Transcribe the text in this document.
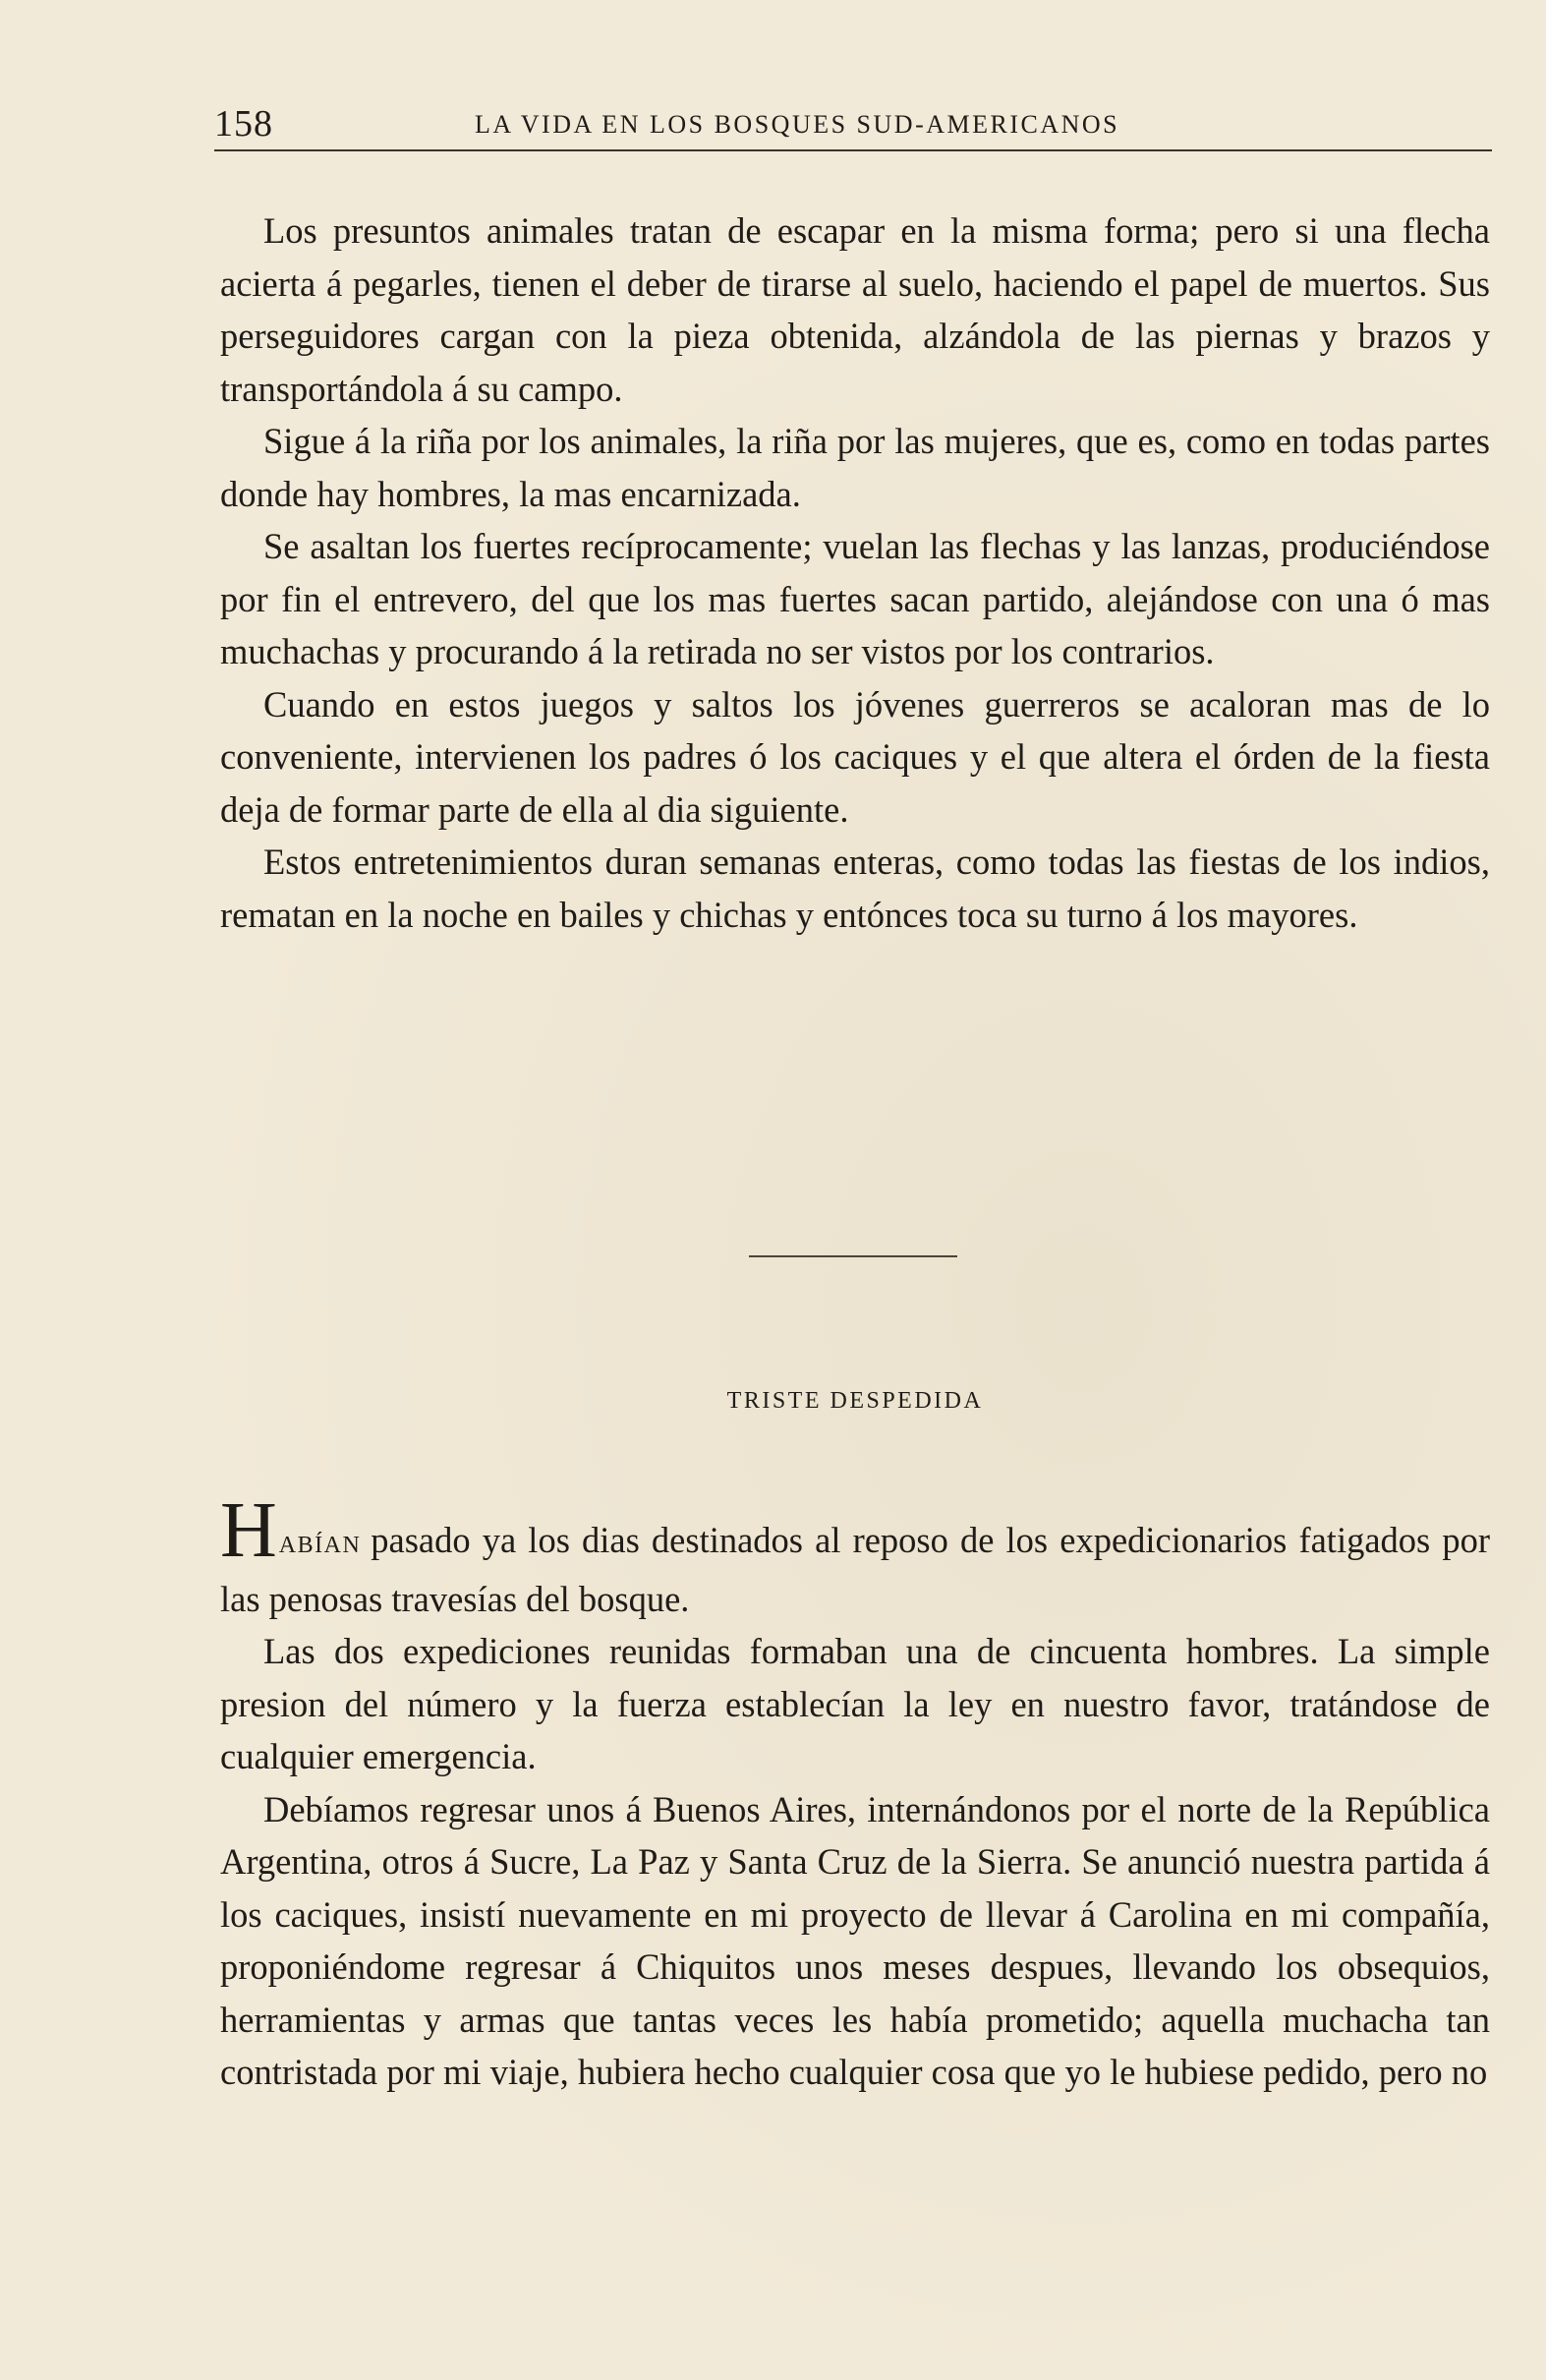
158	LA VIDA EN LOS BOSQUES SUD-AMERICANOS

Los presuntos animales tratan de escapar en la misma forma; pero si una flecha acierta á pegarles, tienen el deber de tirarse al suelo, haciendo el papel de muertos. Sus perseguidores cargan con la pieza obtenida, alzándola de las piernas y brazos y transportándola á su campo.

Sigue á la riña por los animales, la riña por las mujeres, que es, como en todas partes donde hay hombres, la mas encarnizada.

Se asaltan los fuertes recíprocamente; vuelan las flechas y las lanzas, produciéndose por fin el entrevero, del que los mas fuertes sacan partido, alejándose con una ó mas muchachas y procurando á la retirada no ser vistos por los contrarios.

Cuando en estos juegos y saltos los jóvenes guerreros se acaloran mas de lo conveniente, intervienen los padres ó los caciques y el que altera el órden de la fiesta deja de formar parte de ella al dia siguiente.

Estos entretenimientos duran semanas enteras, como todas las fiestas de los indios, rematan en la noche en bailes y chichas y entónces toca su turno á los mayores.

TRISTE DESPEDIDA

HABÍAN pasado ya los dias destinados al reposo de los expedicionarios fatigados por las penosas travesías del bosque.

Las dos expediciones reunidas formaban una de cincuenta hombres. La simple presion del número y la fuerza establecían la ley en nuestro favor, tratándose de cualquier emergencia.

Debíamos regresar unos á Buenos Aires, internándonos por el norte de la República Argentina, otros á Sucre, La Paz y Santa Cruz de la Sierra. Se anunció nuestra partida á los caciques, insistí nuevamente en mi proyecto de llevar á Carolina en mi compañía, proponiéndome regresar á Chiquitos unos meses despues, llevando los obsequios, herramientas y armas que tantas veces les había prometido; aquella muchacha tan contristada por mi viaje, hubiera hecho cualquier cosa que yo le hubiese pedido, pero no
